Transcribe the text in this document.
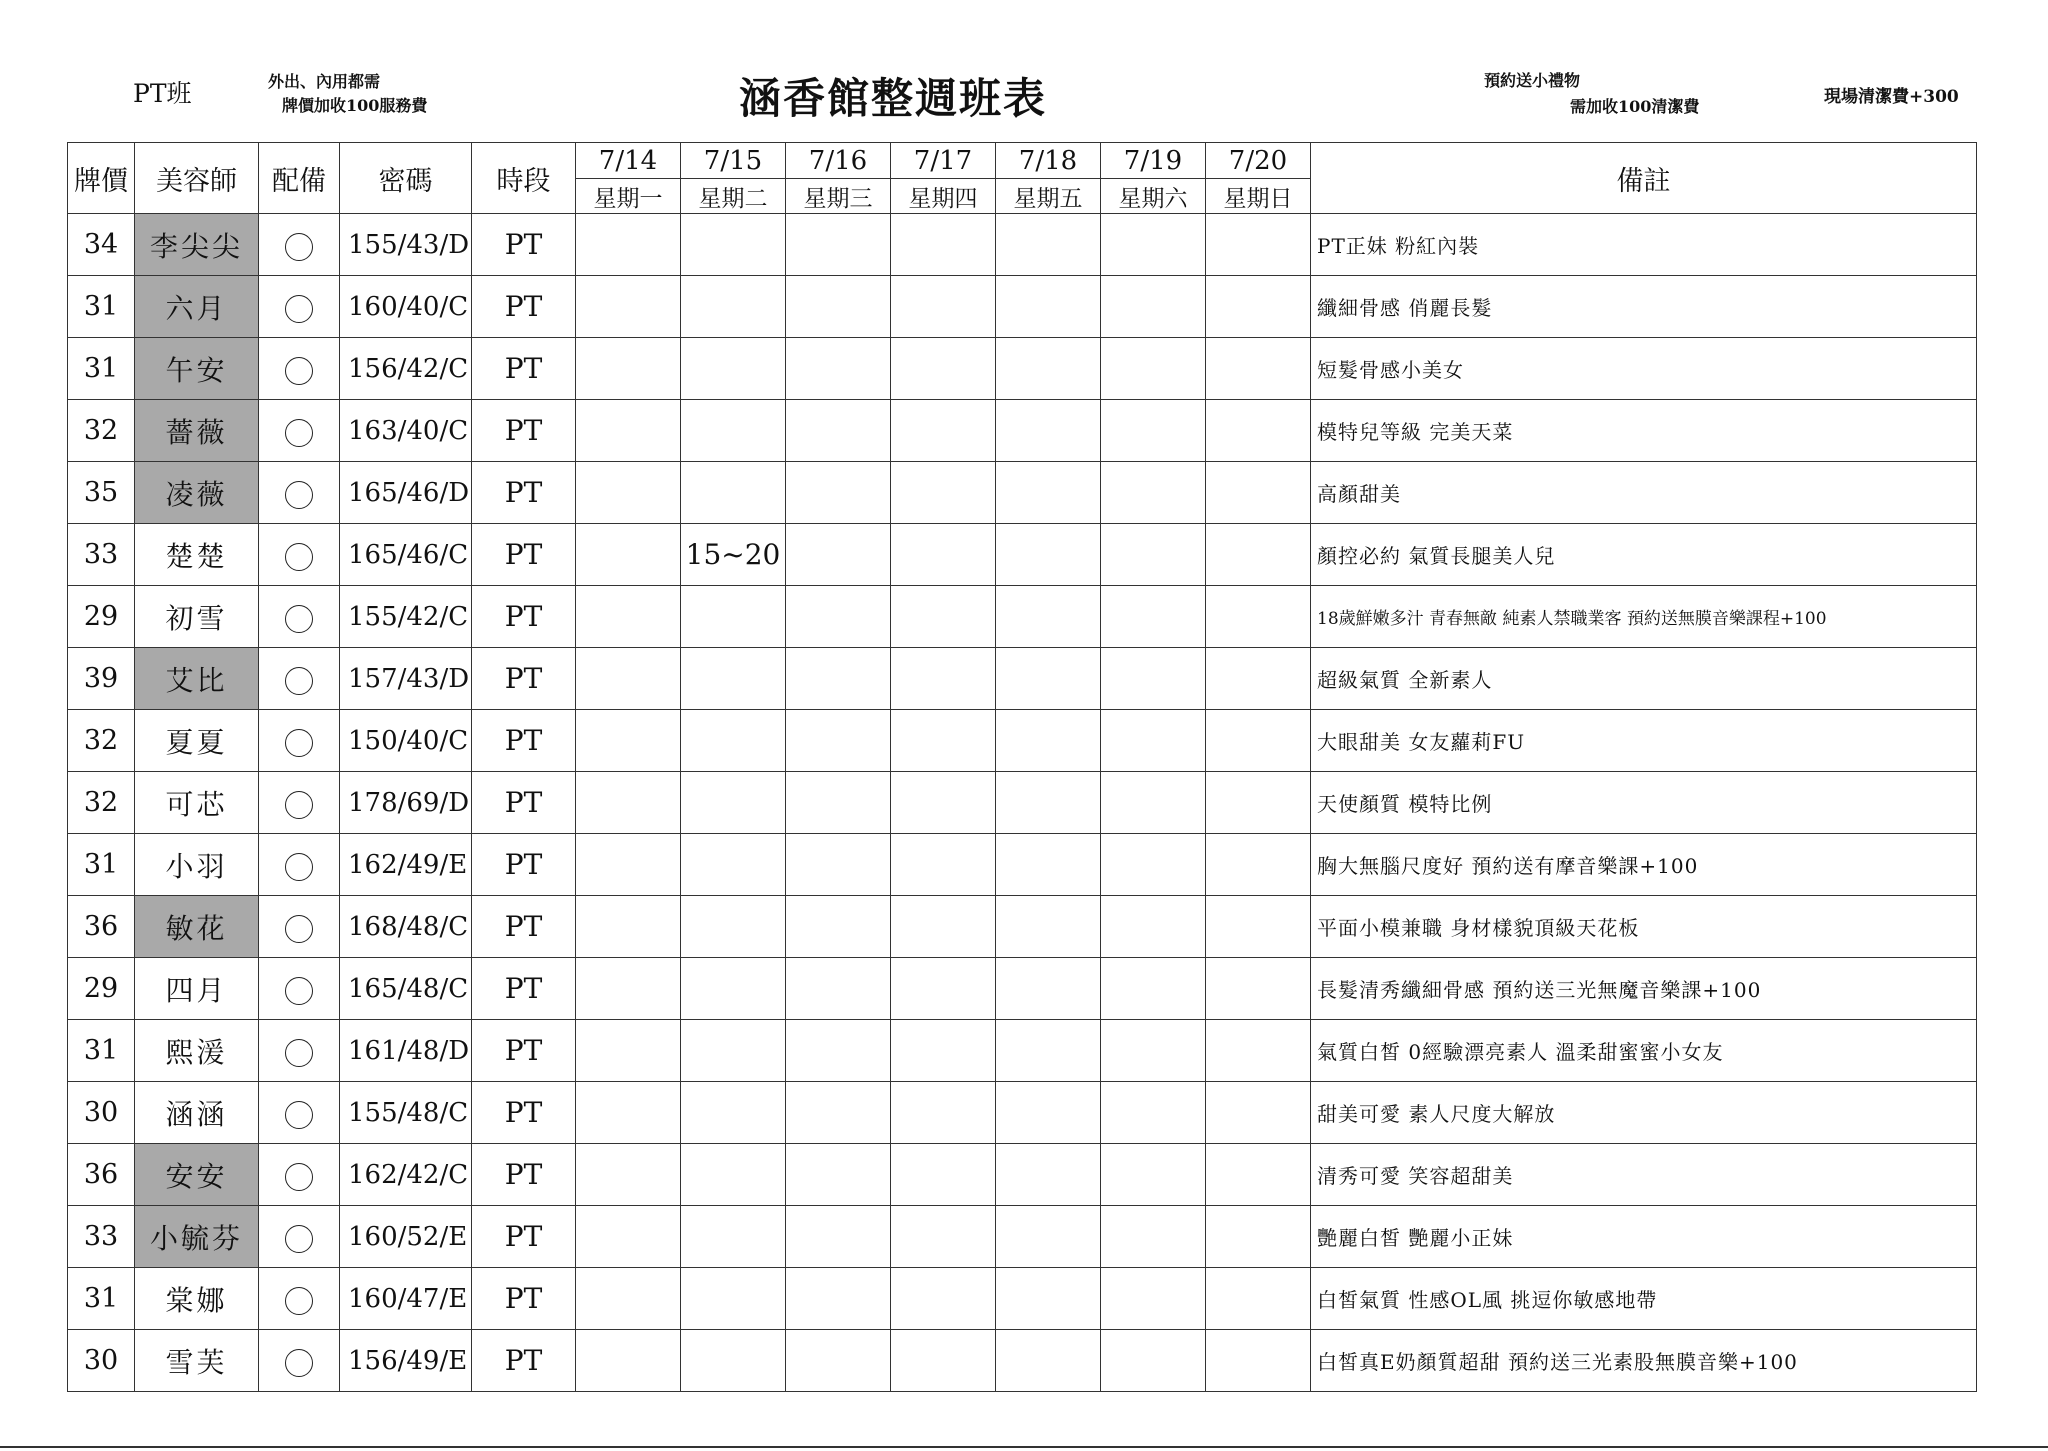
PT班	外出、內用都需
牌價加收100服務費	涵香館整週班表	預約送小禮物
需加收100清潔費	現場清潔費+300
牌價	美容師	配備	密碼	時段	7/14	7/15	7/16	7/17	7/18	7/19	7/20	備註
					星期一	星期二	星期三	星期四	星期五	星期六	星期日	
34	李尖尖		155/43/D	PT								PT正妹 粉紅內裝
31	六月		160/40/C	PT								纖細骨感 俏麗長髮
31	午安		156/42/C	PT								短髮骨感小美女
32	薔薇		163/40/C	PT								模特兒等級 完美天菜
35	凌薇		165/46/D	PT								高顏甜美
33	楚楚		165/46/C	PT		15~20						顏控必約 氣質長腿美人兒
29	初雪		155/42/C	PT								18歲鮮嫩多汁 青春無敵 純素人禁職業客 預約送無膜音樂課程+100
39	艾比		157/43/D	PT								超級氣質 全新素人
32	夏夏		150/40/C	PT								大眼甜美 女友蘿莉FU
32	可芯		178/69/D	PT								天使顏質 模特比例
31	小羽		162/49/E	PT								胸大無腦尺度好 預約送有摩音樂課+100
36	敏花		168/48/C	PT								平面小模兼職 身材樣貌頂級天花板
29	四月		165/48/C	PT								長髮清秀纖細骨感 預約送三光無魔音樂課+100
31	熙湲		161/48/D	PT								氣質白皙 0經驗漂亮素人 溫柔甜蜜蜜小女友
30	涵涵		155/48/C	PT								甜美可愛 素人尺度大解放
36	安安		162/42/C	PT								清秀可愛 笑容超甜美
33	小毓芬		160/52/E	PT								艷麗白皙 艷麗小正妹
31	棠娜		160/47/E	PT								白皙氣質 性感OL風 挑逗你敏感地帶
30	雪芙		156/49/E	PT								白皙真E奶顏質超甜 預約送三光素股無膜音樂+100
